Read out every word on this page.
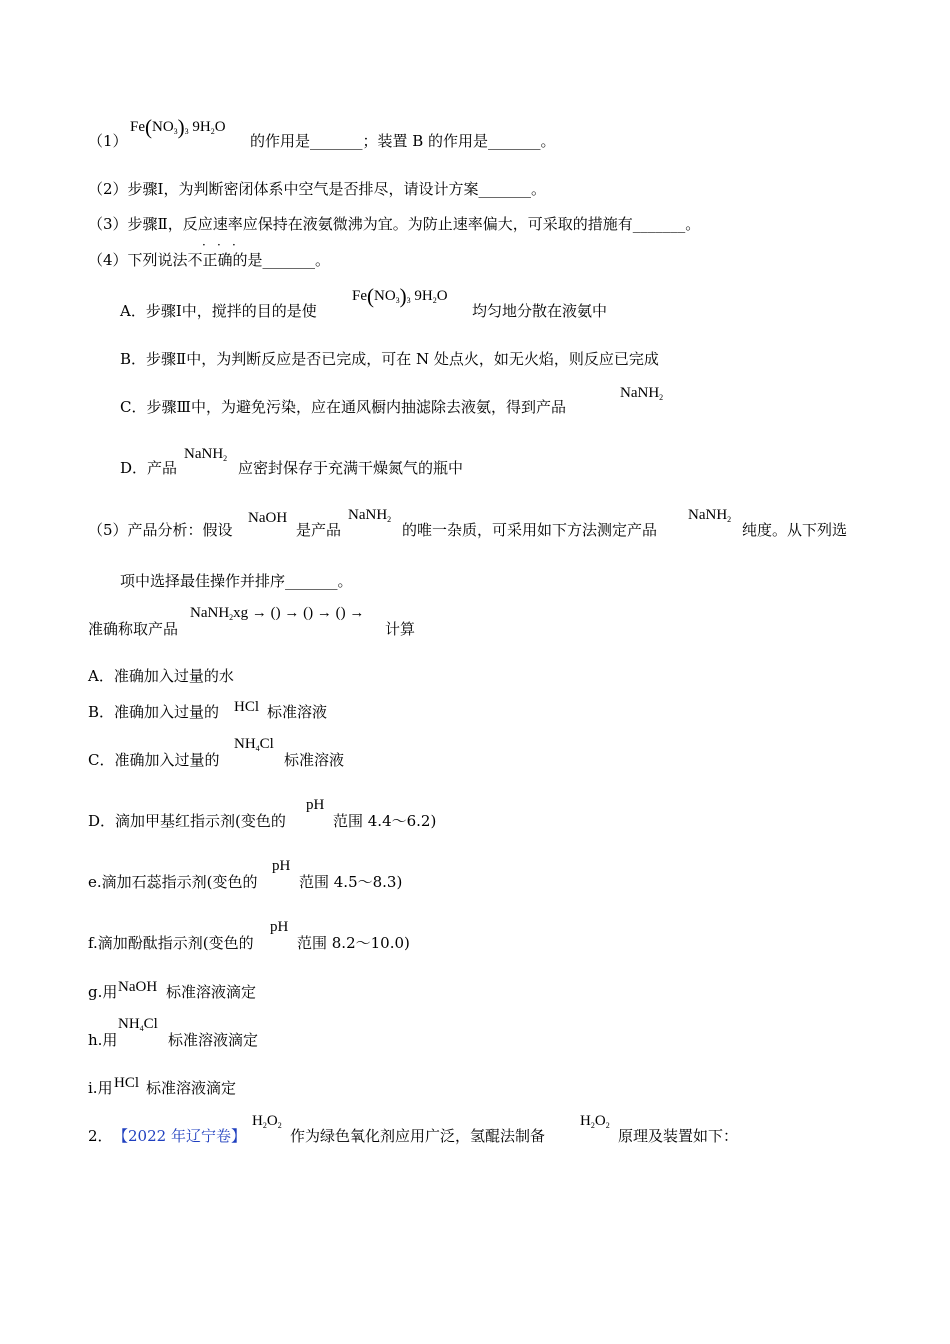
（1）
$Fe(NO_3)_3$ $9H_2O$
的作用是_______；装置 B 的作用是_______。
（2）步骤Ⅰ，为判断密闭体系中空气是否排尽，请设计方案_______。
（3）步骤Ⅱ，反应速率应保持在液氨微沸为宜。为防止速率偏大，可采取的措施有_______。
· · ·
（4）下列说法不正确的是_______。
A．步骤Ⅰ中，搅拌的目的是使
$Fe(NO_3)_3$ $9H_2O$
均匀地分散在液氨中
B．步骤Ⅱ中，为判断反应是否已完成，可在 N 处点火，如无火焰，则反应已完成
C．步骤Ⅲ中，为避免污染，应在通风橱内抽滤除去液氨，得到产品
NaNH$_2$
D．产品
NaNH$_2$
应密封保存于充满干燥氮气的瓶中
（5）产品分析：假设
NaOH
是产品
NaNH$_2$
的唯一杂质，可采用如下方法测定产品
NaNH$_2$
纯度。从下列选
项中选择最佳操作并排序_______。
准确称取产品
NaNH$_2$xg → () → () → () →
计算
A．准确加入过量的水
B．准确加入过量的 HCl 标准溶液
C．准确加入过量的
$NH_4Cl$
标准溶液
D．滴加甲基红指示剂(变色的
pH
范围 4.4～6.2)
e.滴加石蕊指示剂(变色的
pH
范围 4.5～8.3)
f.滴加酚酞指示剂(变色的
pH
范围 8.2～10.0)
g.用 NaOH 标准溶液滴定
h.用
$NH_4Cl$
标准溶液滴定
i.用 HCl 标准溶液滴定
2． 【2022 年辽宁卷】
$H_2O_2$
作为绿色氧化剂应用广泛，氢醌法制备
$H_2O_2$
原理及装置如下：
